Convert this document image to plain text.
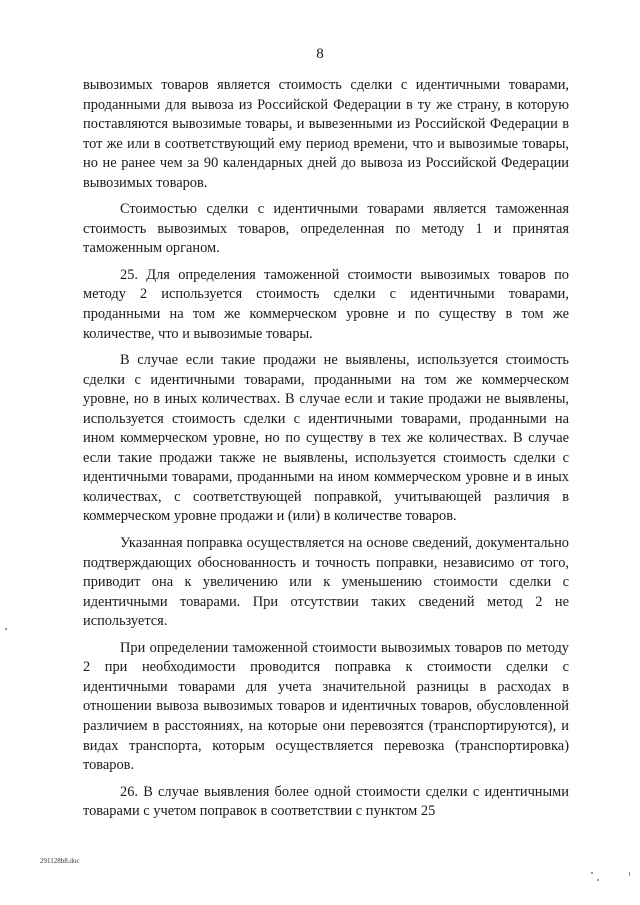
8

вывозимых товаров является стоимость сделки с идентичными товарами, проданными для вывоза из Российской Федерации в ту же страну, в которую поставляются вывозимые товары, и вывезенными из Российской Федерации в тот же или в соответствующий ему период времени, что и вывозимые товары, но не ранее чем за 90 календарных дней до вывоза из Российской Федерации вывозимых товаров.

Стоимостью сделки с идентичными товарами является таможенная стоимость вывозимых товаров, определенная по методу 1 и принятая таможенным органом.

25. Для определения таможенной стоимости вывозимых товаров по методу 2 используется стоимость сделки с идентичными товарами, проданными на том же коммерческом уровне и по существу в том же количестве, что и вывозимые товары.

В случае если такие продажи не выявлены, используется стоимость сделки с идентичными товарами, проданными на том же коммерческом уровне, но в иных количествах. В случае если и такие продажи не выявлены, используется стоимость сделки с идентичными товарами, проданными на ином коммерческом уровне, но по существу в тех же количествах. В случае если такие продажи также не выявлены, используется стоимость сделки с идентичными товарами, проданными на ином коммерческом уровне и в иных количествах, с соответствующей поправкой, учитывающей различия в коммерческом уровне продажи и (или) в количестве товаров.

Указанная поправка осуществляется на основе сведений, документально подтверждающих обоснованность и точность поправки, независимо от того, приводит она к увеличению или к уменьшению стоимости сделки с идентичными товарами. При отсутствии таких сведений метод 2 не используется.

При определении таможенной стоимости вывозимых товаров по методу 2 при необходимости проводится поправка к стоимости сделки с идентичными товарами для учета значительной разницы в расходах в отношении вывоза вывозимых товаров и идентичных товаров, обусловленной различием в расстояниях, на которые они перевозятся (транспортируются), и видах транспорта, которым осуществляется перевозка (транспортировка) товаров.

26. В случае выявления более одной стоимости сделки с идентичными товарами с учетом поправок в соответствии с пунктом 25

291128b8.doc
